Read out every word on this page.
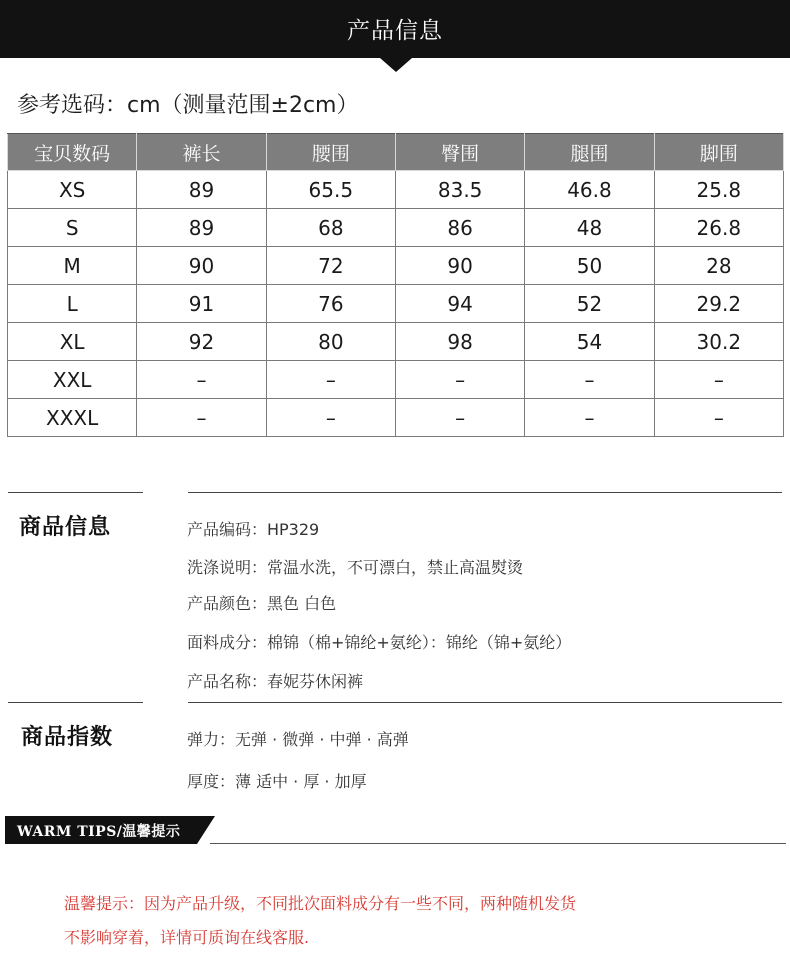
产品信息
参考选码：cm（测量范围±2cm）
宝贝数码	裤长	腰围	臀围	腿围	脚围
XS	89	65.5	83.5	46.8	25.8
S	89	68	86	48	26.8
M	90	72	90	50	28
L	91	76	94	52	29.2
XL	92	80	98	54	30.2
XXL	–	–	–	–	–
XXXL	–	–	–	–	–
商品信息	产品编码：HP329
洗涤说明：常温水洗，不可漂白，禁止高温熨烫
产品颜色：黑色 白色
面料成分：棉锦（棉+锦纶+氨纶）：锦纶（锦+氨纶）
产品名称：春妮芬休闲裤
商品指数	弹力：无弹 · 微弹 · 中弹 · 高弹
厚度：薄 适中 · 厚 · 加厚
WARM TIPS/温馨提示
温馨提示：因为产品升级，不同批次面料成分有一些不同，两种随机发货
不影响穿着，详情可质询在线客服.
